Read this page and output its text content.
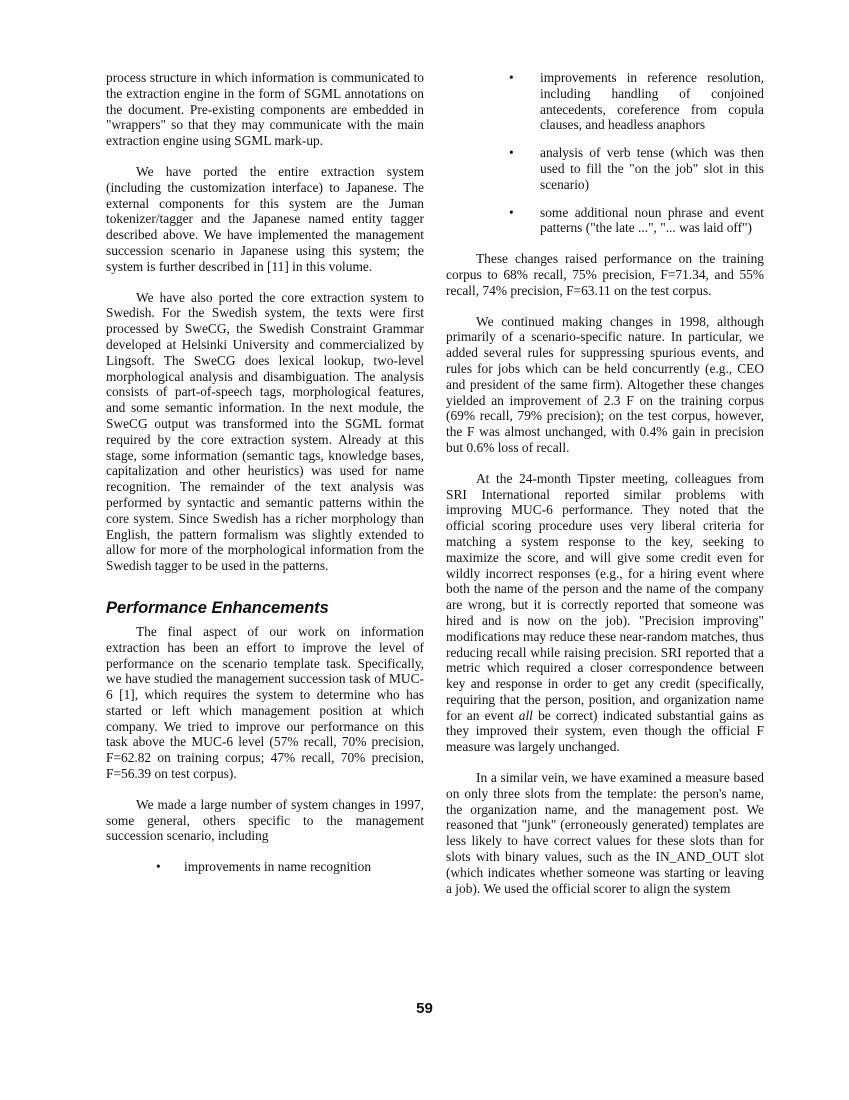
process structure in which information is communicated to the extraction engine in the form of SGML annotations on the document. Pre-existing components are embedded in "wrappers" so that they may communicate with the main extraction engine using SGML mark-up.

We have ported the entire extraction system (including the customization interface) to Japanese. The external components for this system are the Juman tokenizer/tagger and the Japanese named entity tagger described above. We have implemented the management succession scenario in Japanese using this system; the system is further described in [11] in this volume.

We have also ported the core extraction system to Swedish. For the Swedish system, the texts were first processed by SweCG, the Swedish Constraint Grammar developed at Helsinki University and commercialized by Lingsoft. The SweCG does lexical lookup, two-level morphological analysis and disambiguation. The analysis consists of part-of-speech tags, morphological features, and some semantic information. In the next module, the SweCG output was transformed into the SGML format required by the core extraction system. Already at this stage, some information (semantic tags, knowledge bases, capitalization and other heuristics) was used for name recognition. The remainder of the text analysis was performed by syntactic and semantic patterns within the core system. Since Swedish has a richer morphology than English, the pattern formalism was slightly extended to allow for more of the morphological information from the Swedish tagger to be used in the patterns.

Performance Enhancements

The final aspect of our work on information extraction has been an effort to improve the level of performance on the scenario template task. Specifically, we have studied the management succession task of MUC-6 [1], which requires the system to determine who has started or left which management position at which company. We tried to improve our performance on this task above the MUC-6 level (57% recall, 70% precision, F=62.82 on training corpus; 47% recall, 70% precision, F=56.39 on test corpus).

We made a large number of system changes in 1997, some general, others specific to the management succession scenario, including

• improvements in name recognition
• improvements in reference resolution, including handling of conjoined antecedents, coreference from copula clauses, and headless anaphors
• analysis of verb tense (which was then used to fill the "on the job" slot in this scenario)
• some additional noun phrase and event patterns ("the late ...", "... was laid off")

These changes raised performance on the training corpus to 68% recall, 75% precision, F=71.34, and 55% recall, 74% precision, F=63.11 on the test corpus.

We continued making changes in 1998, although primarily of a scenario-specific nature. In particular, we added several rules for suppressing spurious events, and rules for jobs which can be held concurrently (e.g., CEO and president of the same firm). Altogether these changes yielded an improvement of 2.3 F on the training corpus (69% recall, 79% precision); on the test corpus, however, the F was almost unchanged, with 0.4% gain in precision but 0.6% loss of recall.

At the 24-month Tipster meeting, colleagues from SRI International reported similar problems with improving MUC-6 performance. They noted that the official scoring procedure uses very liberal criteria for matching a system response to the key, seeking to maximize the score, and will give some credit even for wildly incorrect responses (e.g., for a hiring event where both the name of the person and the name of the company are wrong, but it is correctly reported that someone was hired and is now on the job). "Precision improving" modifications may reduce these near-random matches, thus reducing recall while raising precision. SRI reported that a metric which required a closer correspondence between key and response in order to get any credit (specifically, requiring that the person, position, and organization name for an event all be correct) indicated substantial gains as they improved their system, even though the official F measure was largely unchanged.

In a similar vein, we have examined a measure based on only three slots from the template: the person's name, the organization name, and the management post. We reasoned that "junk" (erroneously generated) templates are less likely to have correct values for these slots than for slots with binary values, such as the IN_AND_OUT slot (which indicates whether someone was starting or leaving a job). We used the official scorer to align the system

59
